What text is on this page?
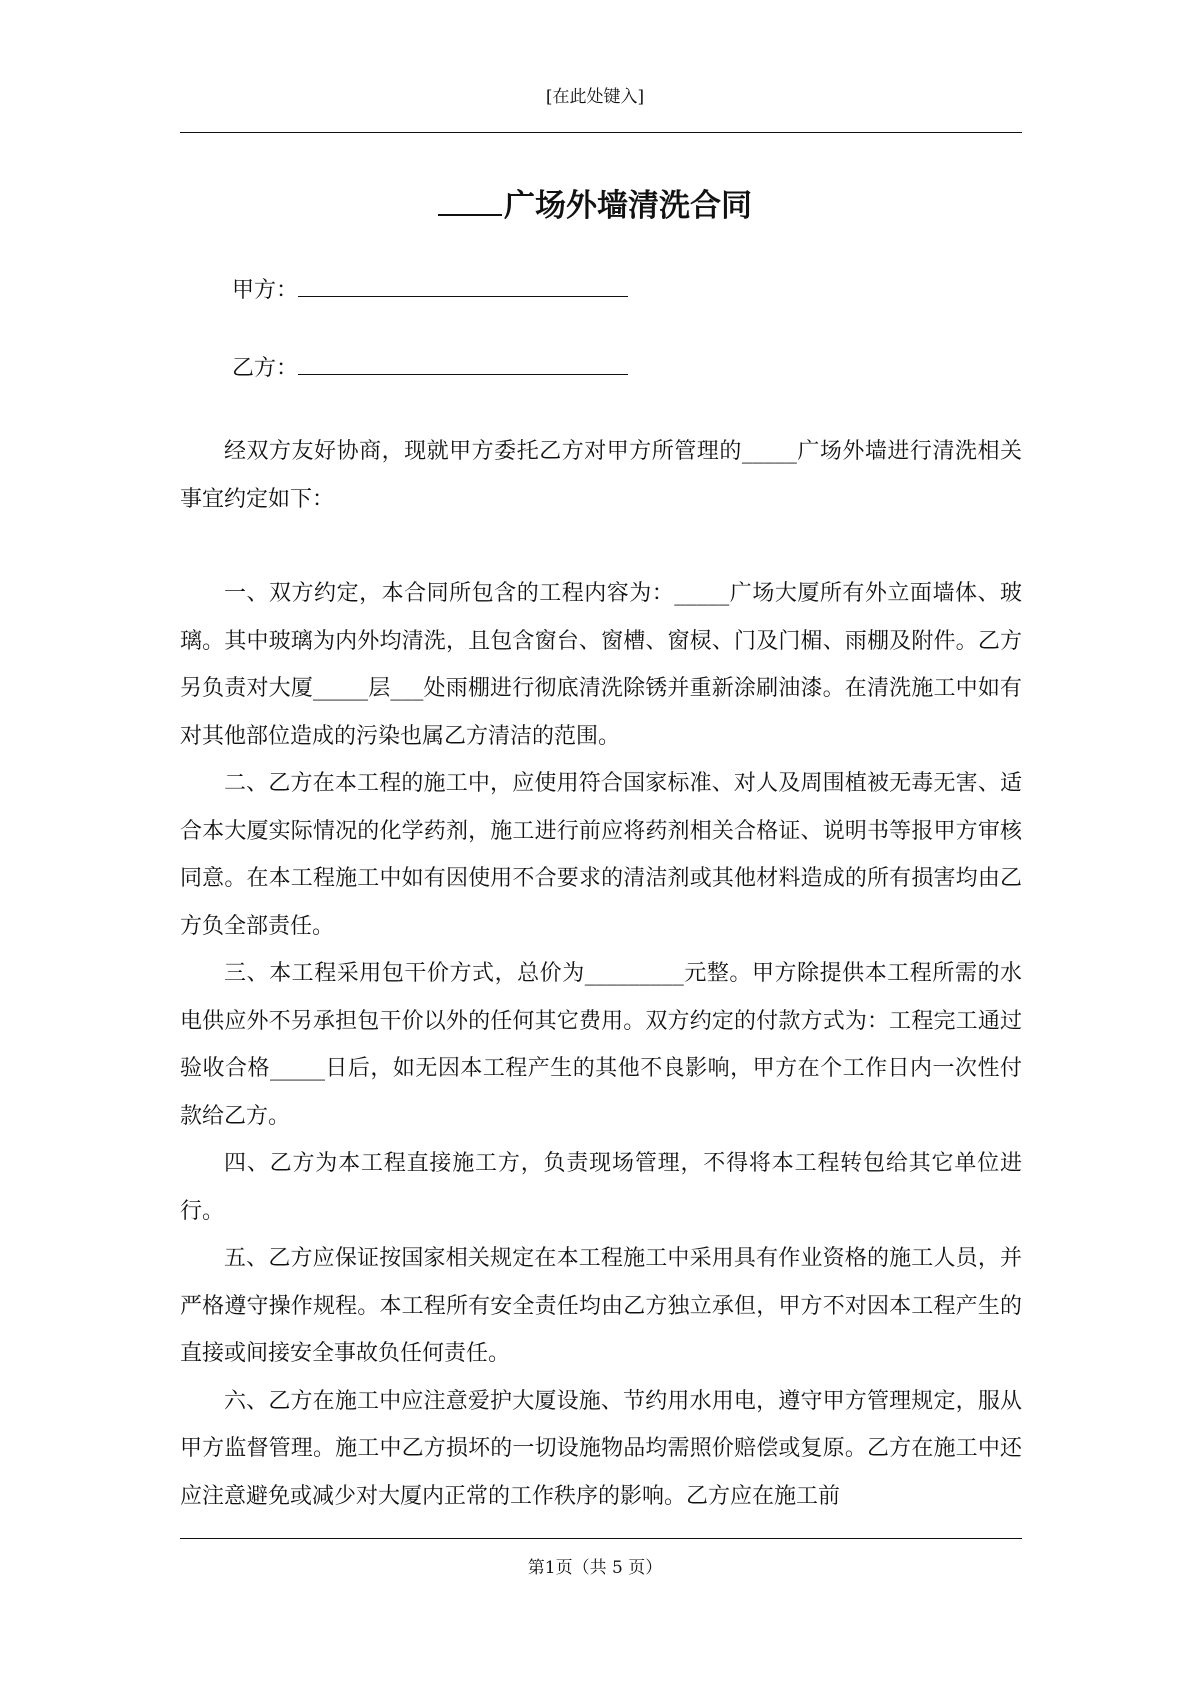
[在此处键入]
广场外墙清洗合同
甲方：
乙方：

经双方友好协商，现就甲方委托乙方对甲方所管理的_____广场外墙进行清洗相关事宜约定如下：

一、双方约定，本合同所包含的工程内容为：_____广场大厦所有外立面墙体、玻璃。其中玻璃为内外均清洗，且包含窗台、窗槽、窗棂、门及门楣、雨棚及附件。乙方另负责对大厦_____层___处雨棚进行彻底清洗除锈并重新涂刷油漆。在清洗施工中如有对其他部位造成的污染也属乙方清洁的范围。

二、乙方在本工程的施工中，应使用符合国家标准、对人及周围植被无毒无害、适合本大厦实际情况的化学药剂，施工进行前应将药剂相关合格证、说明书等报甲方审核同意。在本工程施工中如有因使用不合要求的清洁剂或其他材料造成的所有损害均由乙方负全部责任。

三、本工程采用包干价方式，总价为_________元整。甲方除提供本工程所需的水电供应外不另承担包干价以外的任何其它费用。双方约定的付款方式为：工程完工通过验收合格_____日后，如无因本工程产生的其他不良影响，甲方在个工作日内一次性付款给乙方。

四、乙方为本工程直接施工方，负责现场管理，不得将本工程转包给其它单位进行。

五、乙方应保证按国家相关规定在本工程施工中采用具有作业资格的施工人员，并严格遵守操作规程。本工程所有安全责任均由乙方独立承但，甲方不对因本工程产生的直接或间接安全事故负任何责任。

六、乙方在施工中应注意爱护大厦设施、节约用水用电，遵守甲方管理规定，服从甲方监督管理。施工中乙方损坏的一切设施物品均需照价赔偿或复原。乙方在施工中还应注意避免或减少对大厦内正常的工作秩序的影响。乙方应在施工前

第1页（共 5 页）
